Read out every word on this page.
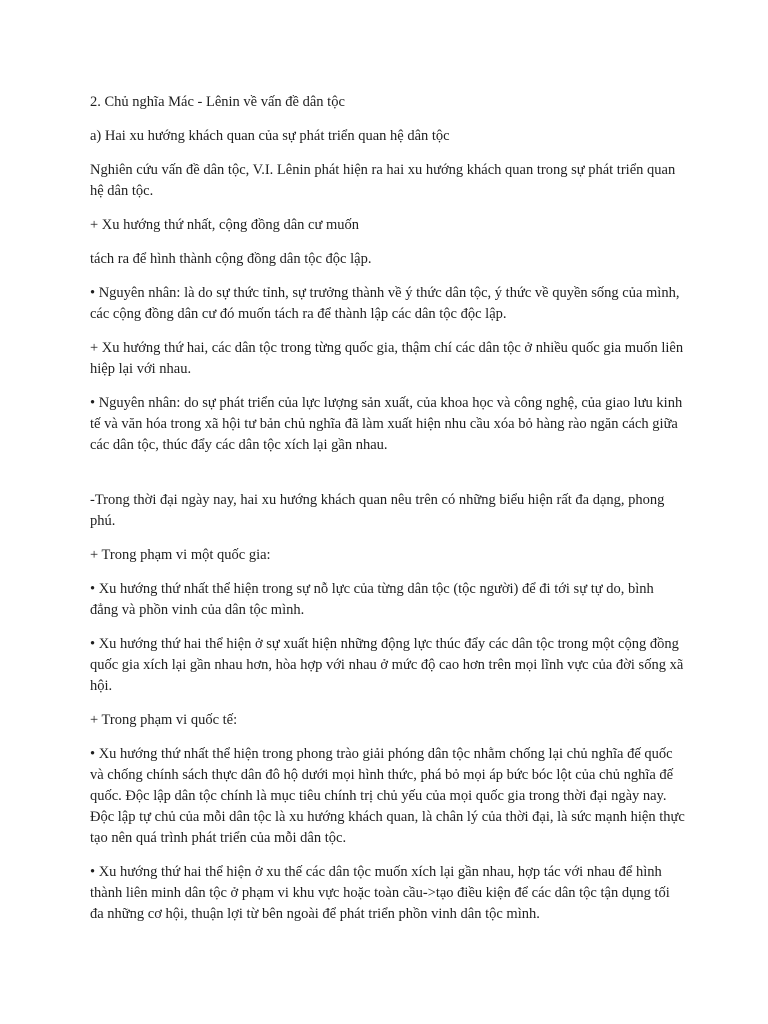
2. Chủ nghĩa Mác - Lênin về vấn đề dân tộc

a) Hai xu hướng khách quan của sự phát triển quan hệ dân tộc

Nghiên cứu vấn đề dân tộc, V.I. Lênin phát hiện ra hai xu hướng khách quan trong sự phát triển quan hệ dân tộc.

+ Xu hướng thứ nhất, cộng đồng dân cư muốn

tách ra để hình thành cộng đồng dân tộc độc lập.

• Nguyên nhân: là do sự thức tỉnh, sự trưởng thành về ý thức dân tộc, ý thức về quyền sống của mình, các cộng đồng dân cư đó muốn tách ra để thành lập các dân tộc độc lập.

+ Xu hướng thứ hai, các dân tộc trong từng quốc gia, thậm chí các dân tộc ở nhiều quốc gia muốn liên hiệp lại với nhau.

• Nguyên nhân: do sự phát triển của lực lượng sản xuất, của khoa học và công nghệ, của giao lưu kinh tế và văn hóa trong xã hội tư bản chủ nghĩa đã làm xuất hiện nhu cầu xóa bỏ hàng rào ngăn cách giữa các dân tộc, thúc đẩy các dân tộc xích lại gần nhau.

-Trong thời đại ngày nay, hai xu hướng khách quan nêu trên có những biểu hiện rất đa dạng, phong phú.

+ Trong phạm vi một quốc gia:

• Xu hướng thứ nhất thể hiện trong sự nỗ lực của từng dân tộc (tộc người) để đi tới sự tự do, bình đẳng và phồn vinh của dân tộc mình.

• Xu hướng thứ hai thể hiện ở sự xuất hiện những động lực thúc đẩy các dân tộc trong một cộng đồng quốc gia xích lại gần nhau hơn, hòa hợp với nhau ở mức độ cao hơn trên mọi lĩnh vực của đời sống xã hội.

+ Trong phạm vi quốc tế:

• Xu hướng thứ nhất thể hiện trong phong trào giải phóng dân tộc nhằm chống lại chủ nghĩa đế quốc và chống chính sách thực dân đô hộ dưới mọi hình thức, phá bỏ mọi áp bức bóc lột của chủ nghĩa đế quốc. Độc lập dân tộc chính là mục tiêu chính trị chủ yếu của mọi quốc gia trong thời đại ngày nay. Độc lập tự chủ của mỗi dân tộc là xu hướng khách quan, là chân lý của thời đại, là sức mạnh hiện thực tạo nên quá trình phát triển của mỗi dân tộc.

• Xu hướng thứ hai thể hiện ở xu thế các dân tộc muốn xích lại gần nhau, hợp tác với nhau để hình thành liên minh dân tộc ở phạm vi khu vực hoặc toàn cầu->tạo điều kiện để các dân tộc tận dụng tối đa những cơ hội, thuận lợi từ bên ngoài để phát triển phồn vinh dân tộc mình.
